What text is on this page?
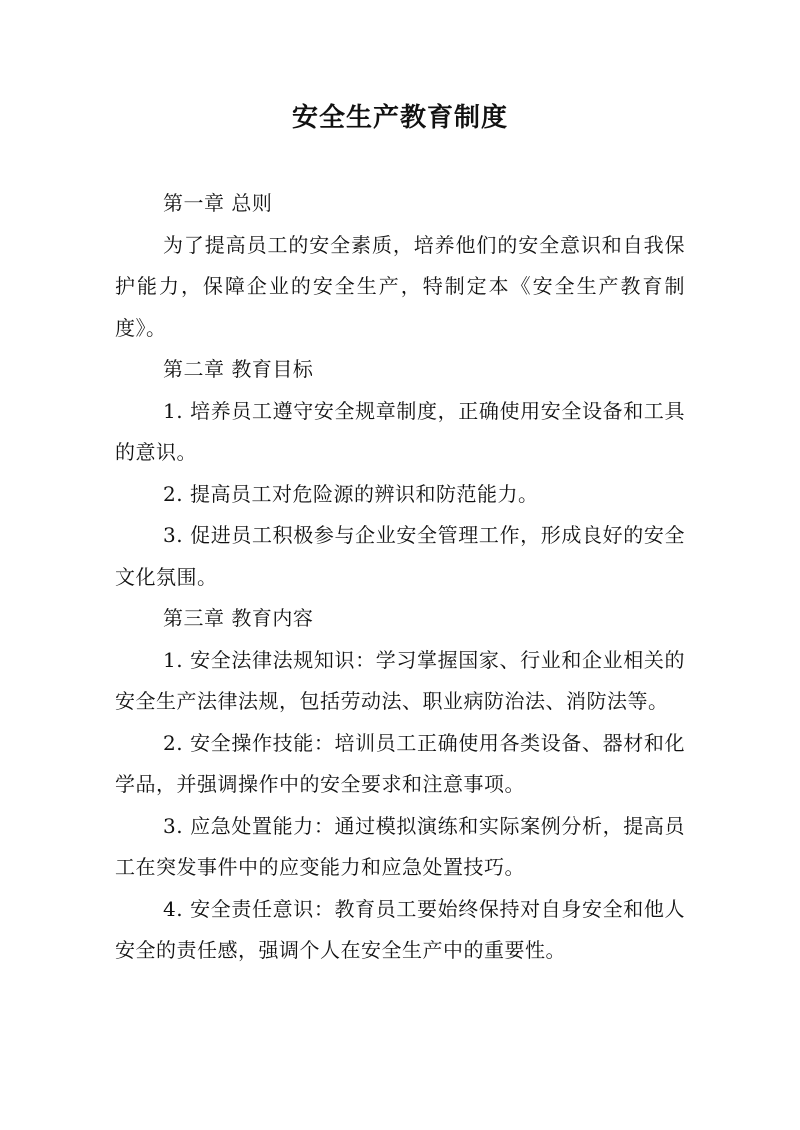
安全生产教育制度

第一章 总则

为了提高员工的安全素质，培养他们的安全意识和自我保护能力，保障企业的安全生产，特制定本《安全生产教育制度》。

第二章 教育目标

1. 培养员工遵守安全规章制度，正确使用安全设备和工具的意识。

2. 提高员工对危险源的辨识和防范能力。

3. 促进员工积极参与企业安全管理工作，形成良好的安全文化氛围。

第三章 教育内容

1. 安全法律法规知识：学习掌握国家、行业和企业相关的安全生产法律法规，包括劳动法、职业病防治法、消防法等。

2. 安全操作技能：培训员工正确使用各类设备、器材和化学品，并强调操作中的安全要求和注意事项。

3. 应急处置能力：通过模拟演练和实际案例分析，提高员工在突发事件中的应变能力和应急处置技巧。

4. 安全责任意识：教育员工要始终保持对自身安全和他人安全的责任感，强调个人在安全生产中的重要性。
